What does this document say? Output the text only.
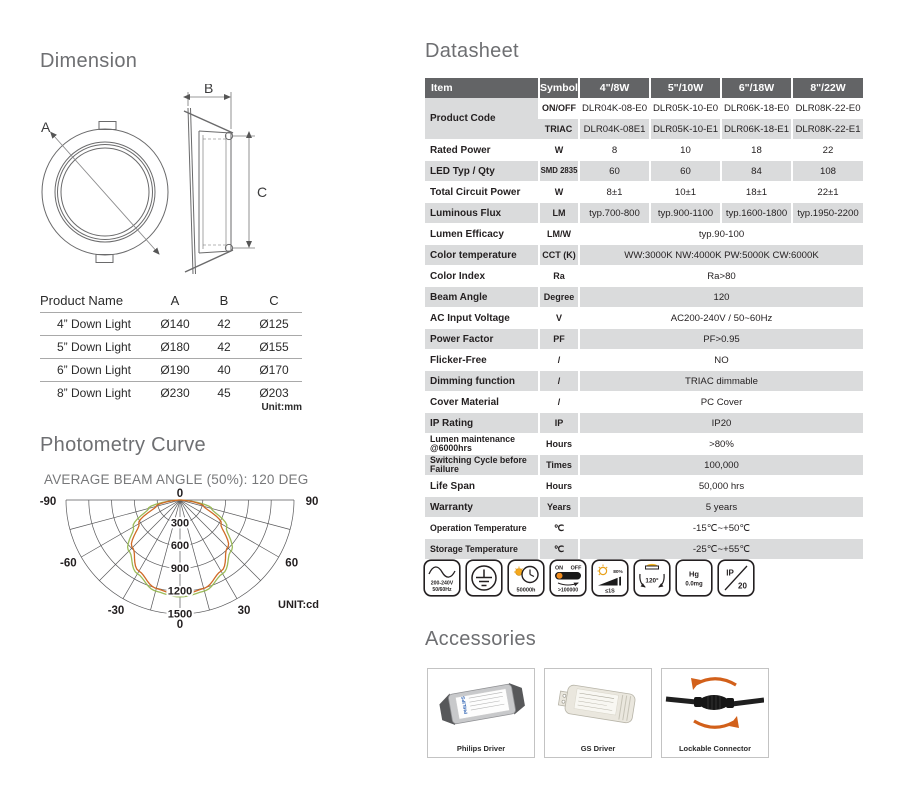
Dimension	Datasheet
Photometry Curve
Accessories
AVERAGE BEAM ANGLE (50%): 120 DEG
A
B
C
Product Name	A	B	C
4” Down Light	Ø140	42	Ø125
5” Down Light	Ø180	42	Ø155
6” Down Light	Ø190	40	Ø170
8” Down Light	Ø230	45	Ø203
Unit:mm
-90
-60
-30
0
30
60
90
0
300
600
900
1200
1500
UNIT:cd
Item	Symbol	4"/8W	5"/10W	6"/18W	8"/22W
Product Code	ON/OFF	DLR04K-08-E0	DLR05K-10-E0	DLR06K-18-E0	DLR08K-22-E0
	TRIAC	DLR04K-08E1	DLR05K-10-E1	DLR06K-18-E1	DLR08K-22-E1
Rated Power	W	8	10	18	22
LED Typ / Qty	SMD 2835	60	60	84	108
Total Circuit Power	W	8±1	10±1	18±1	22±1
Luminous Flux	LM	typ.700-800	typ.900-1100	typ.1600-1800	typ.1950-2200
Lumen Efficacy	LM/W	typ.90-100			
Color temperature	CCT (K)	WW:3000K NW:4000K PW:5000K CW:6000K			
Color Index	Ra	Ra>80			
Beam Angle	Degree	120			
AC Input Voltage	V	AC200-240V / 50~60Hz			
Power Factor	PF	PF>0.95			
Flicker-Free	/	NO			
Dimming function	/	TRIAC dimmable			
Cover Material	/	PC Cover			
IP Rating	IP	IP20			
Lumen maintenance @6000hrs	Hours	>80%			
Switching Cycle before Failure	Times	100,000			
Life Span	Hours	50,000 hrs			
Warranty	Years	5 years			
Operation Temperature	℃	-15℃~+50℃			
Storage Temperature	℃	-25℃~+55℃			
200-240V
50/60Hz	50000h
ON OFF
>100000
80%
≤1S
120°
Hg
0.0mg
IP
20
PHILIPS
Philips Driver	GS Driver	Lockable Connector
